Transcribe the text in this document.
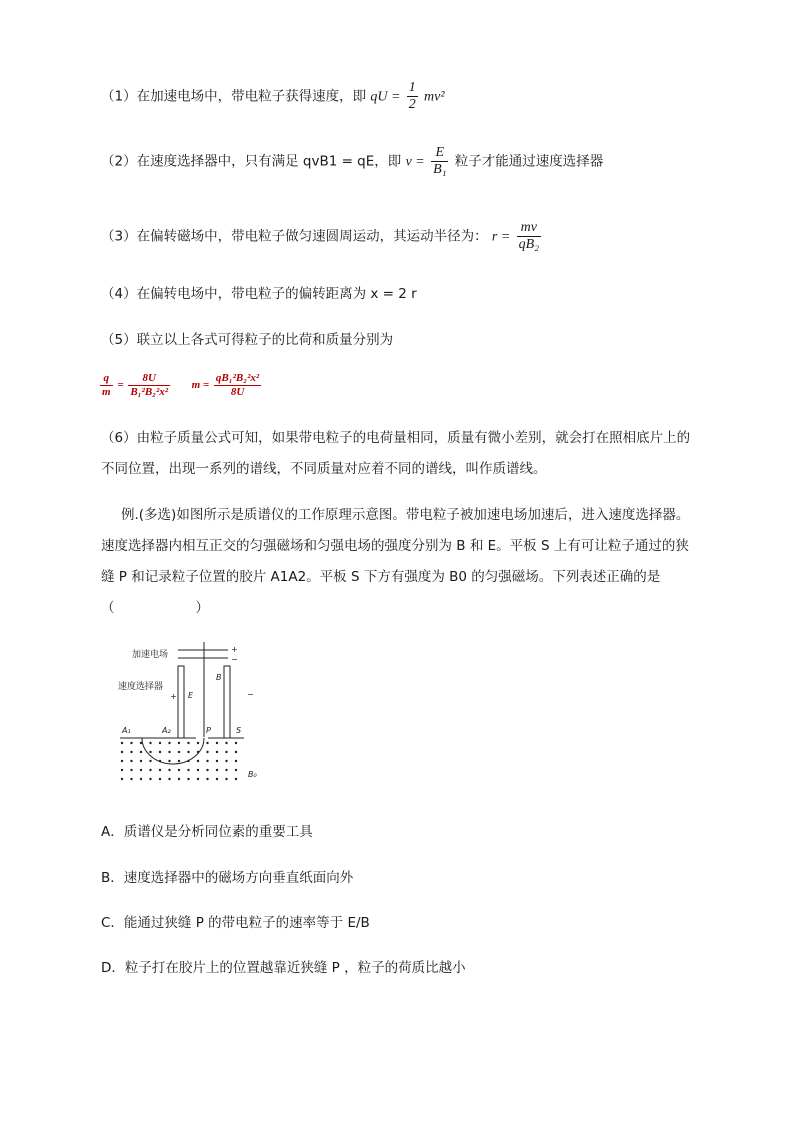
（1）在加速电场中，带电粒子获得速度，即 qU = $\frac{1}{2} mv^2$
（2）在速度选择器中，只有满足 qvB1 = qE，即 $v = \frac{E}{\text{B₁}}$ 粒子才能通过速度选择器
（3）在偏转磁场中，带电粒子做匀速圆周运动，其运动半径为： $r = \frac{mv}{\text{qB₂}}$
（4）在偏转电场中，带电粒子的偏转距离为 x = 2 r
（5）联立以上各式可得粒子的比荷和质量分别为
$\frac{q}{m} = \frac{8U}{\text{B₁²B₂²x²}}$ $m = \frac{\text{qB₁²B₂²x²}}{8U}$
（6）由粒子质量公式可知，如果带电粒子的电荷量相同，质量有微小差别，就会打在照相底片上的不同位置，出现一系列的谱线，不同质量对应着不同的谱线，叫作质谱线。
例.(多选)如图所示是质谱仪的工作原理示意图。带电粒子被加速电场加速后，进入速度选择器。速度选择器内相互正交的匀强磁场和匀强电场的强度分别为 B 和 E。平板 S 上有可让粒子通过的狭缝 P 和记录粒子位置的胶片 A1A2。平板 S 下方有强度为 B0 的匀强磁场。下列表述正确的是（　　　　　　）
加速电场
+
−
速度选择器
+	−
E
B
A₁	A₂	P	S
B₀
A．质谱仪是分析同位素的重要工具
B．速度选择器中的磁场方向垂直纸面向外
C．能通过狭缝 P 的带电粒子的速率等于 E/B
D．粒子打在胶片上的位置越靠近狭缝 P ，粒子的荷质比越小
